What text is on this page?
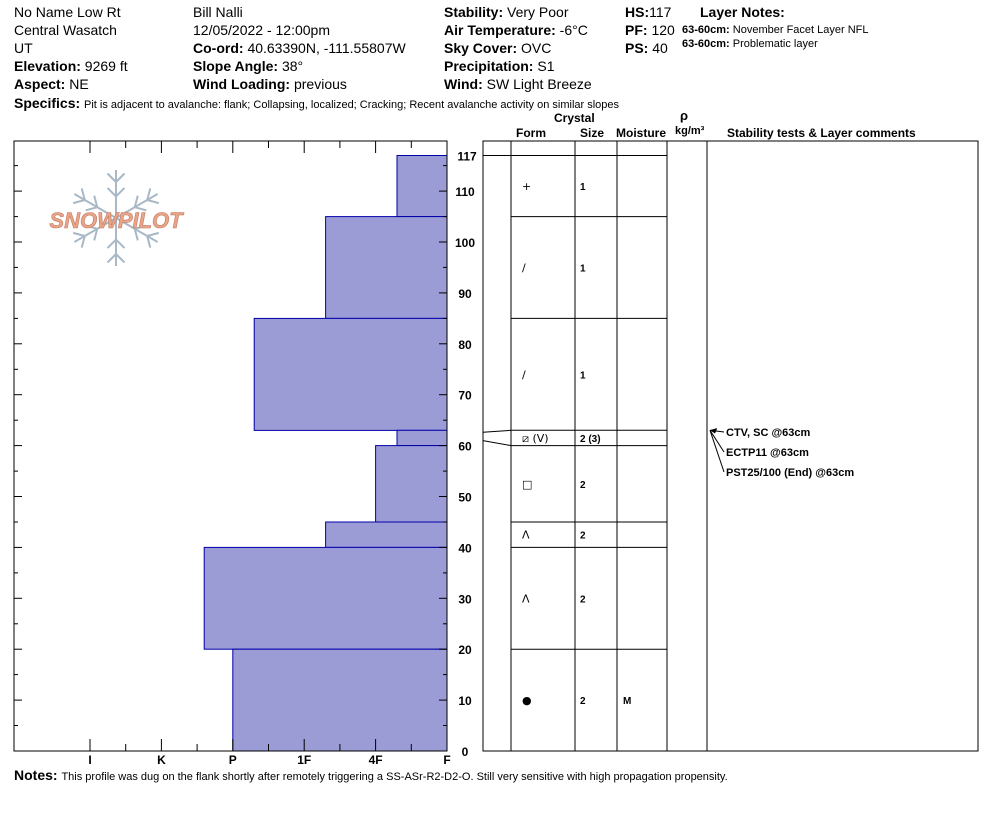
No Name Low Rt
Central Wasatch
UT
Elevation: 9269 ft
Aspect: NE
Bill Nalli
12/05/2022 - 12:00pm
Co-ord: 40.63390N, -111.55807W
Slope Angle: 38°
Wind Loading: previous
Stability: Very Poor
Air Temperature: -6°C
Sky Cover: OVC
Precipitation: S1
Wind: SW Light Breeze
HS:117
PF: 120
PS: 40
Layer Notes:
63-60cm: November Facet Layer NFL
63-60cm: Problematic layer
Specifics: Pit is adjacent to avalanche: flank; Collapsing, localized; Cracking; Recent avalanche activity on similar slopes
Crystal
Form	Size Moisture
ρ
kg/m³ Stability tests & Layer comments
SNOWPILOT
I	K	P	1F	4F	F
0
10
20
30
40
50
60
70
80
90
100
110
117
+	1
/	1
/	1
⧄ (V)	2 (3)
□	2
ᐱ	2
ᐱ	2
●	2	M
CTV, SC @63cm
ECTP11 @63cm
PST25/100 (End) @63cm
Notes: This profile was dug on the flank shortly after remotely triggering a SS-ASr-R2-D2-O. Still very sensitive with high propagation propensity.
